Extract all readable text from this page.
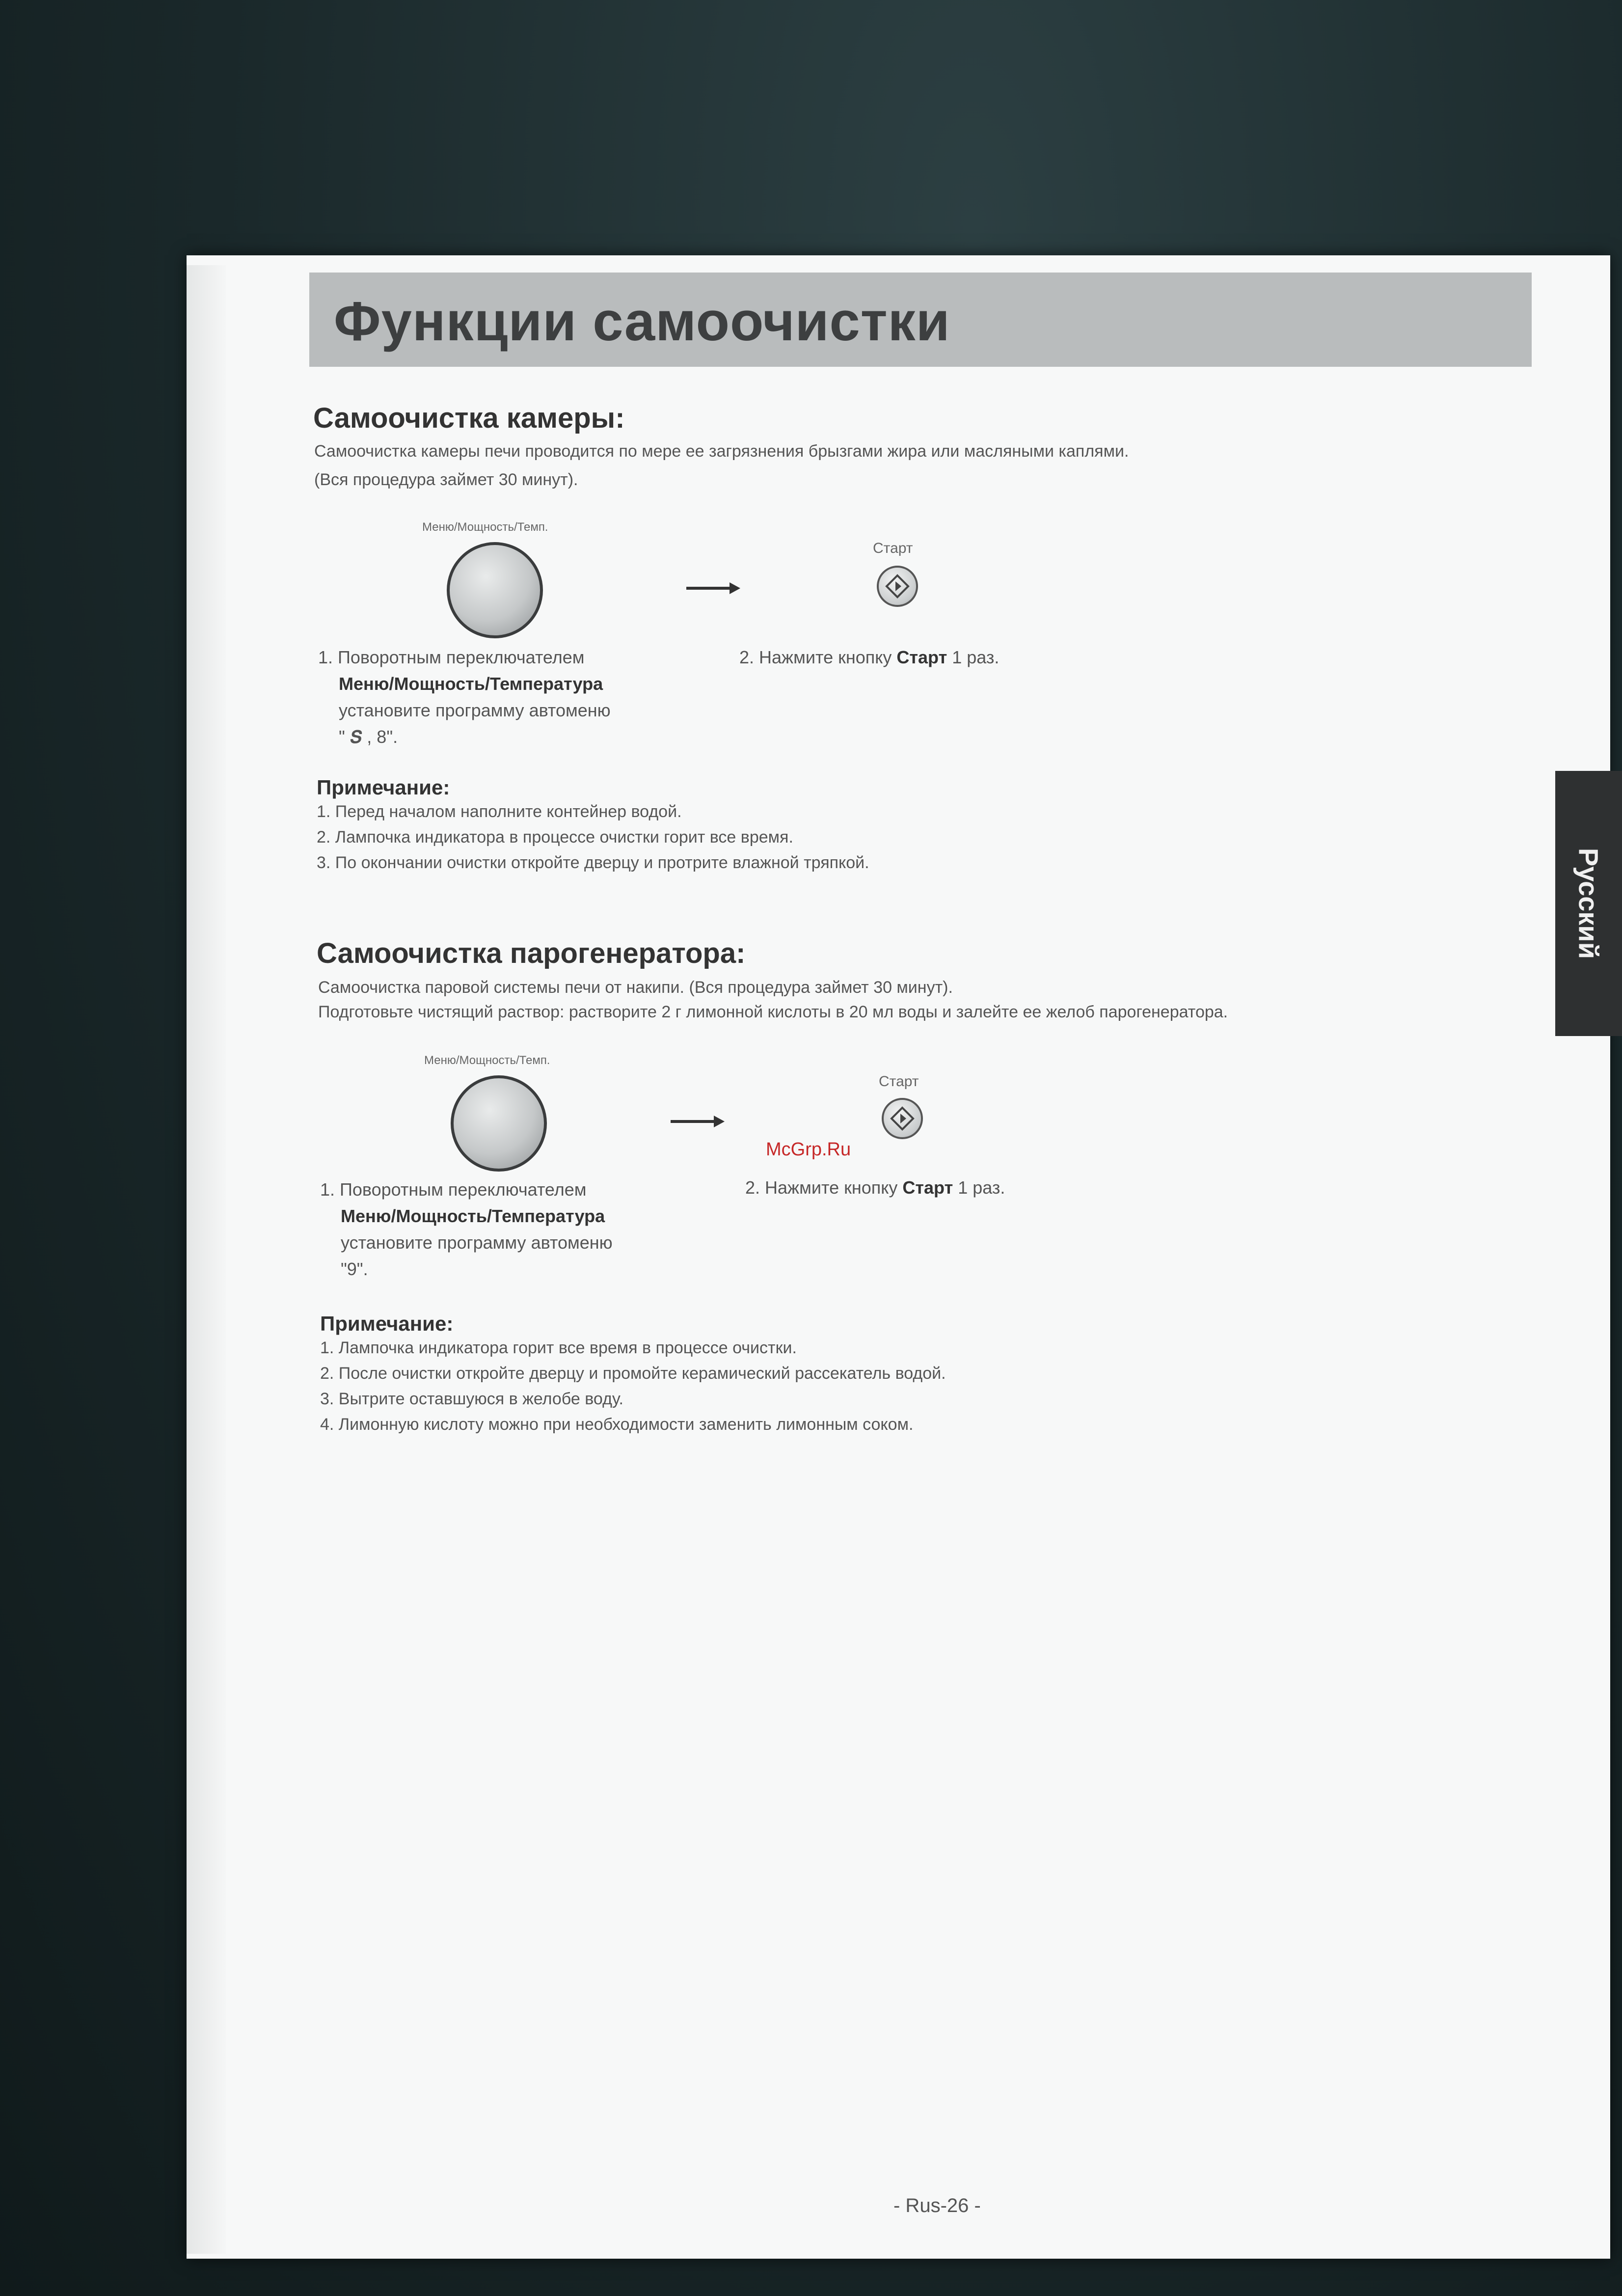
Функции самоочистки
Русский
Самоочистка камеры:
Самоочистка камеры печи проводится по мере ее загрязнения брызгами жира или масляными каплями.
(Вся процедура займет 30 минут).
Меню/Мощность/Темп.
Старт
1. Поворотным переключателем
Меню/Мощность/Температура
установите программу автоменю
" 𝑺 , 8".
2. Нажмите кнопку Старт 1 раз.
Примечание:
1. Перед началом наполните контейнер водой.
2. Лампочка индикатора в процессе очистки горит все время.
3. По окончании очистки откройте дверцу и протрите влажной тряпкой.
Самоочистка парогенератора:
Самоочистка паровой системы печи от накипи. (Вся процедура займет 30 минут).
Подготовьте чистящий раствор: растворите 2 г лимонной кислоты в 20 мл воды и залейте ее желоб парогенератора.
Меню/Мощность/Темп.
Старт
McGrp.Ru
1. Поворотным переключателем
Меню/Мощность/Температура
установите программу автоменю
"9".
2. Нажмите кнопку Старт 1 раз.
Примечание:
1. Лампочка индикатора горит все время в процессе очистки.
2. После очистки откройте дверцу и промойте керамический рассекатель водой.
3. Вытрите оставшуюся в желобе воду.
4. Лимонную кислоту можно при необходимости заменить лимонным соком.
- Rus-26 -
